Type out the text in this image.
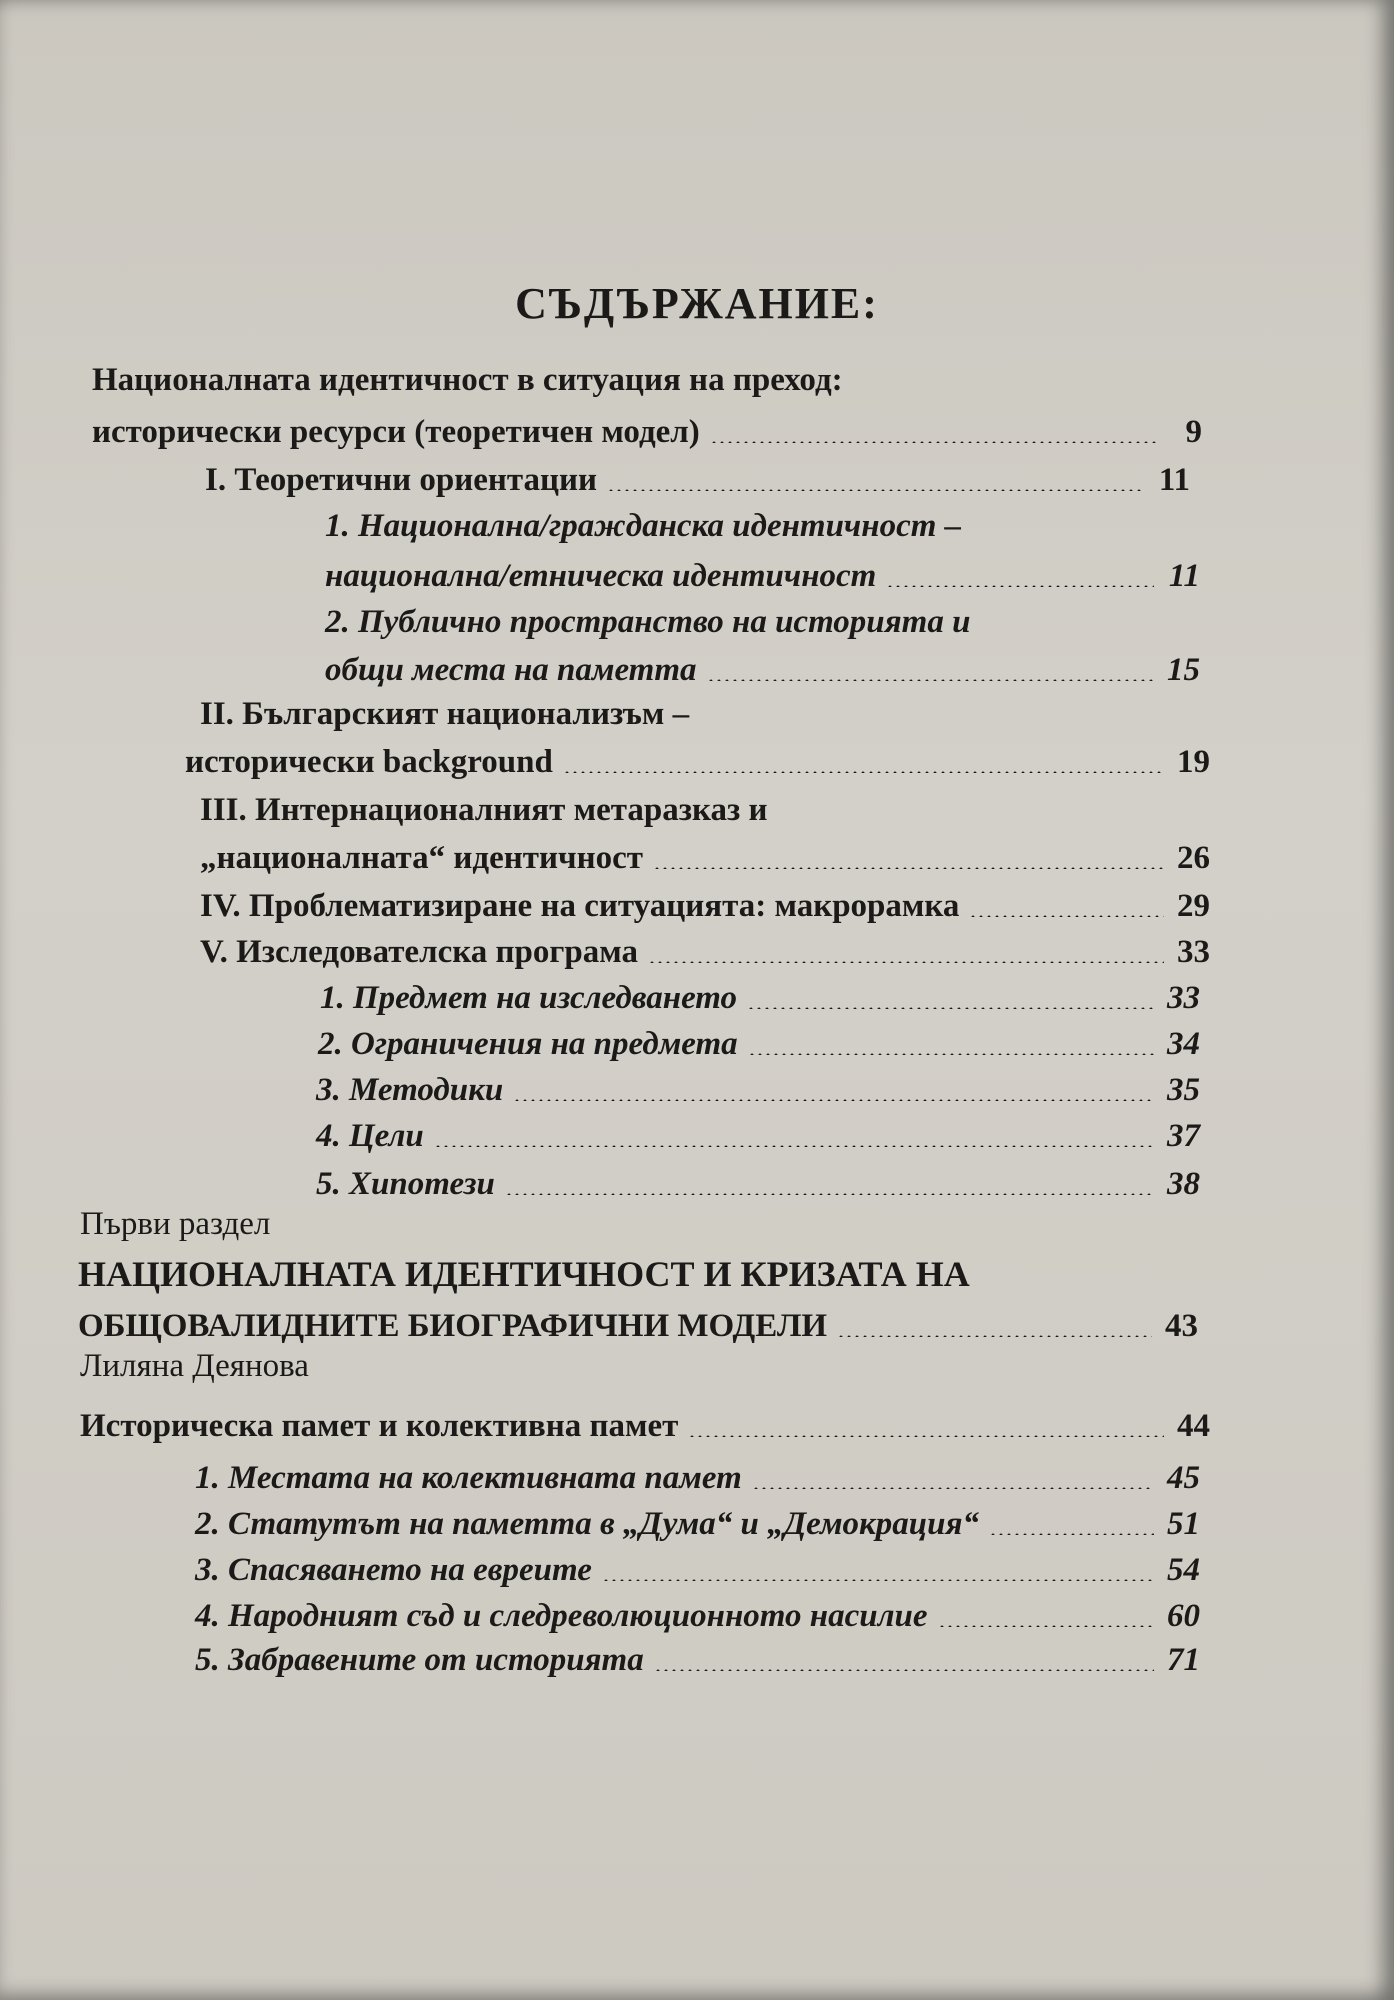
СЪДЪРЖАНИЕ:
Националната идентичност в ситуация на преход:
исторически ресурси (теоретичен модел)	9
I. Теоретични ориентации	11
1. Национална/гражданска идентичност –
национална/етническа идентичност	11
2. Публично пространство на историята и
общи места на паметта	15
II. Българският национализъм –
исторически background	19
III. Интернационалният метаразказ и
„националната“ идентичност	26
IV. Проблематизиране на ситуацията: макрорамка	29
V. Изследователска програма	33
1. Предмет на изследването	33
2. Ограничения на предмета	34
3. Методики	35
4. Цели	37
5. Хипотези	38
Първи раздел
НАЦИОНАЛНАТА ИДЕНТИЧНОСТ И КРИЗАТА НА
ОБЩОВАЛИДНИТЕ БИОГРАФИЧНИ МОДЕЛИ	43
Лиляна Деянова
Историческа памет и колективна памет	44
1. Местата на колективната памет	45
2. Статутът на паметта в „Дума“ и „Демокрация“	51
3. Спасяването на евреите	54
4. Народният съд и следреволюционното насилие	60
5. Забравените от историята	71
